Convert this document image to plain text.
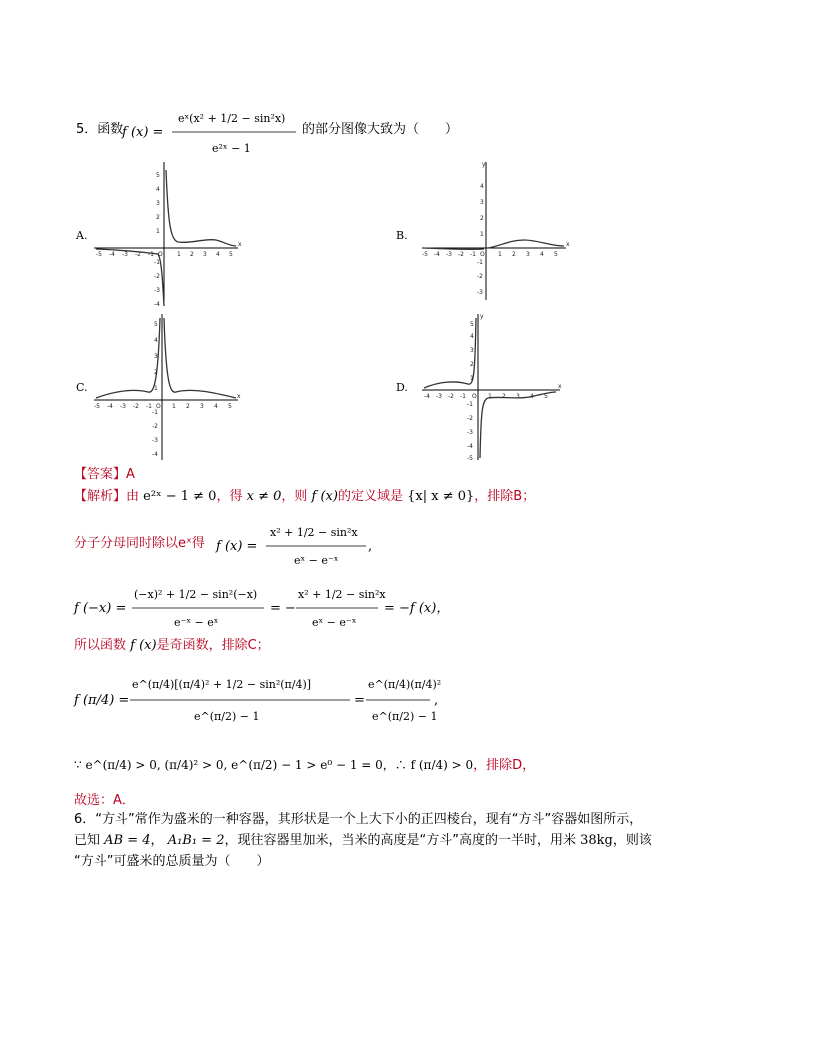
5．函数
f (x) =
eˣ(x² + 1/2 − sin²x)
e²ˣ − 1
的部分图像大致为（　　）
A.	B.
C.	D.
-5 -4 -3 -2 -1 O 1 2 3 4 5
x
5
4
3
2
1
-1
-2
-3
-4
-5 -4 -3 -2 -1 O 1 2 3 4 5
x
4
3
2
1
-1
-2
-3
y
-5 -4 -3 -2 -1 O 1 2 3 4 5
x
5
4
3
2
1
-1
-2
-3
-4
-4 -3 -2 -1 O 1 2 3 4 5
x
5
4
3
2
1
-1
-2
-3
-4
-5
y
【答案】A
【解析】由 e²ˣ − 1 ≠ 0，得 x ≠ 0，则 f (x)的定义域是 {x| x ≠ 0}，排除B；
分子分母同时除以eˣ得 f (x) =
x² + 1/2 − sin²x
eˣ − e⁻ˣ
,
f (−x) =
(−x)² + 1/2 − sin²(−x)
e⁻ˣ − eˣ
= −
x² + 1/2 − sin²x
eˣ − e⁻ˣ
= −f (x)，
所以函数 f (x)是奇函数，排除C；
f (π/4) =
e^(π/4)[(π/4)² + 1/2 − sin²(π/4)]
e^(π/2) − 1
=
e^(π/4)(π/4)²
e^(π/2) − 1
,
∵ e^(π/4) > 0, (π/4)² > 0, e^(π/2) − 1 > e⁰ − 1 = 0，∴ f (π/4) > 0，排除D，
故选：A．
6．“方斗”常作为盛米的一种容器，其形状是一个上大下小的正四棱台，现有“方斗”容器如图所示，
已知 AB = 4， A₁B₁ = 2，现往容器里加米，当米的高度是“方斗”高度的一半时，用米 38kg，则该
“方斗”可盛米的总质量为（　　）
